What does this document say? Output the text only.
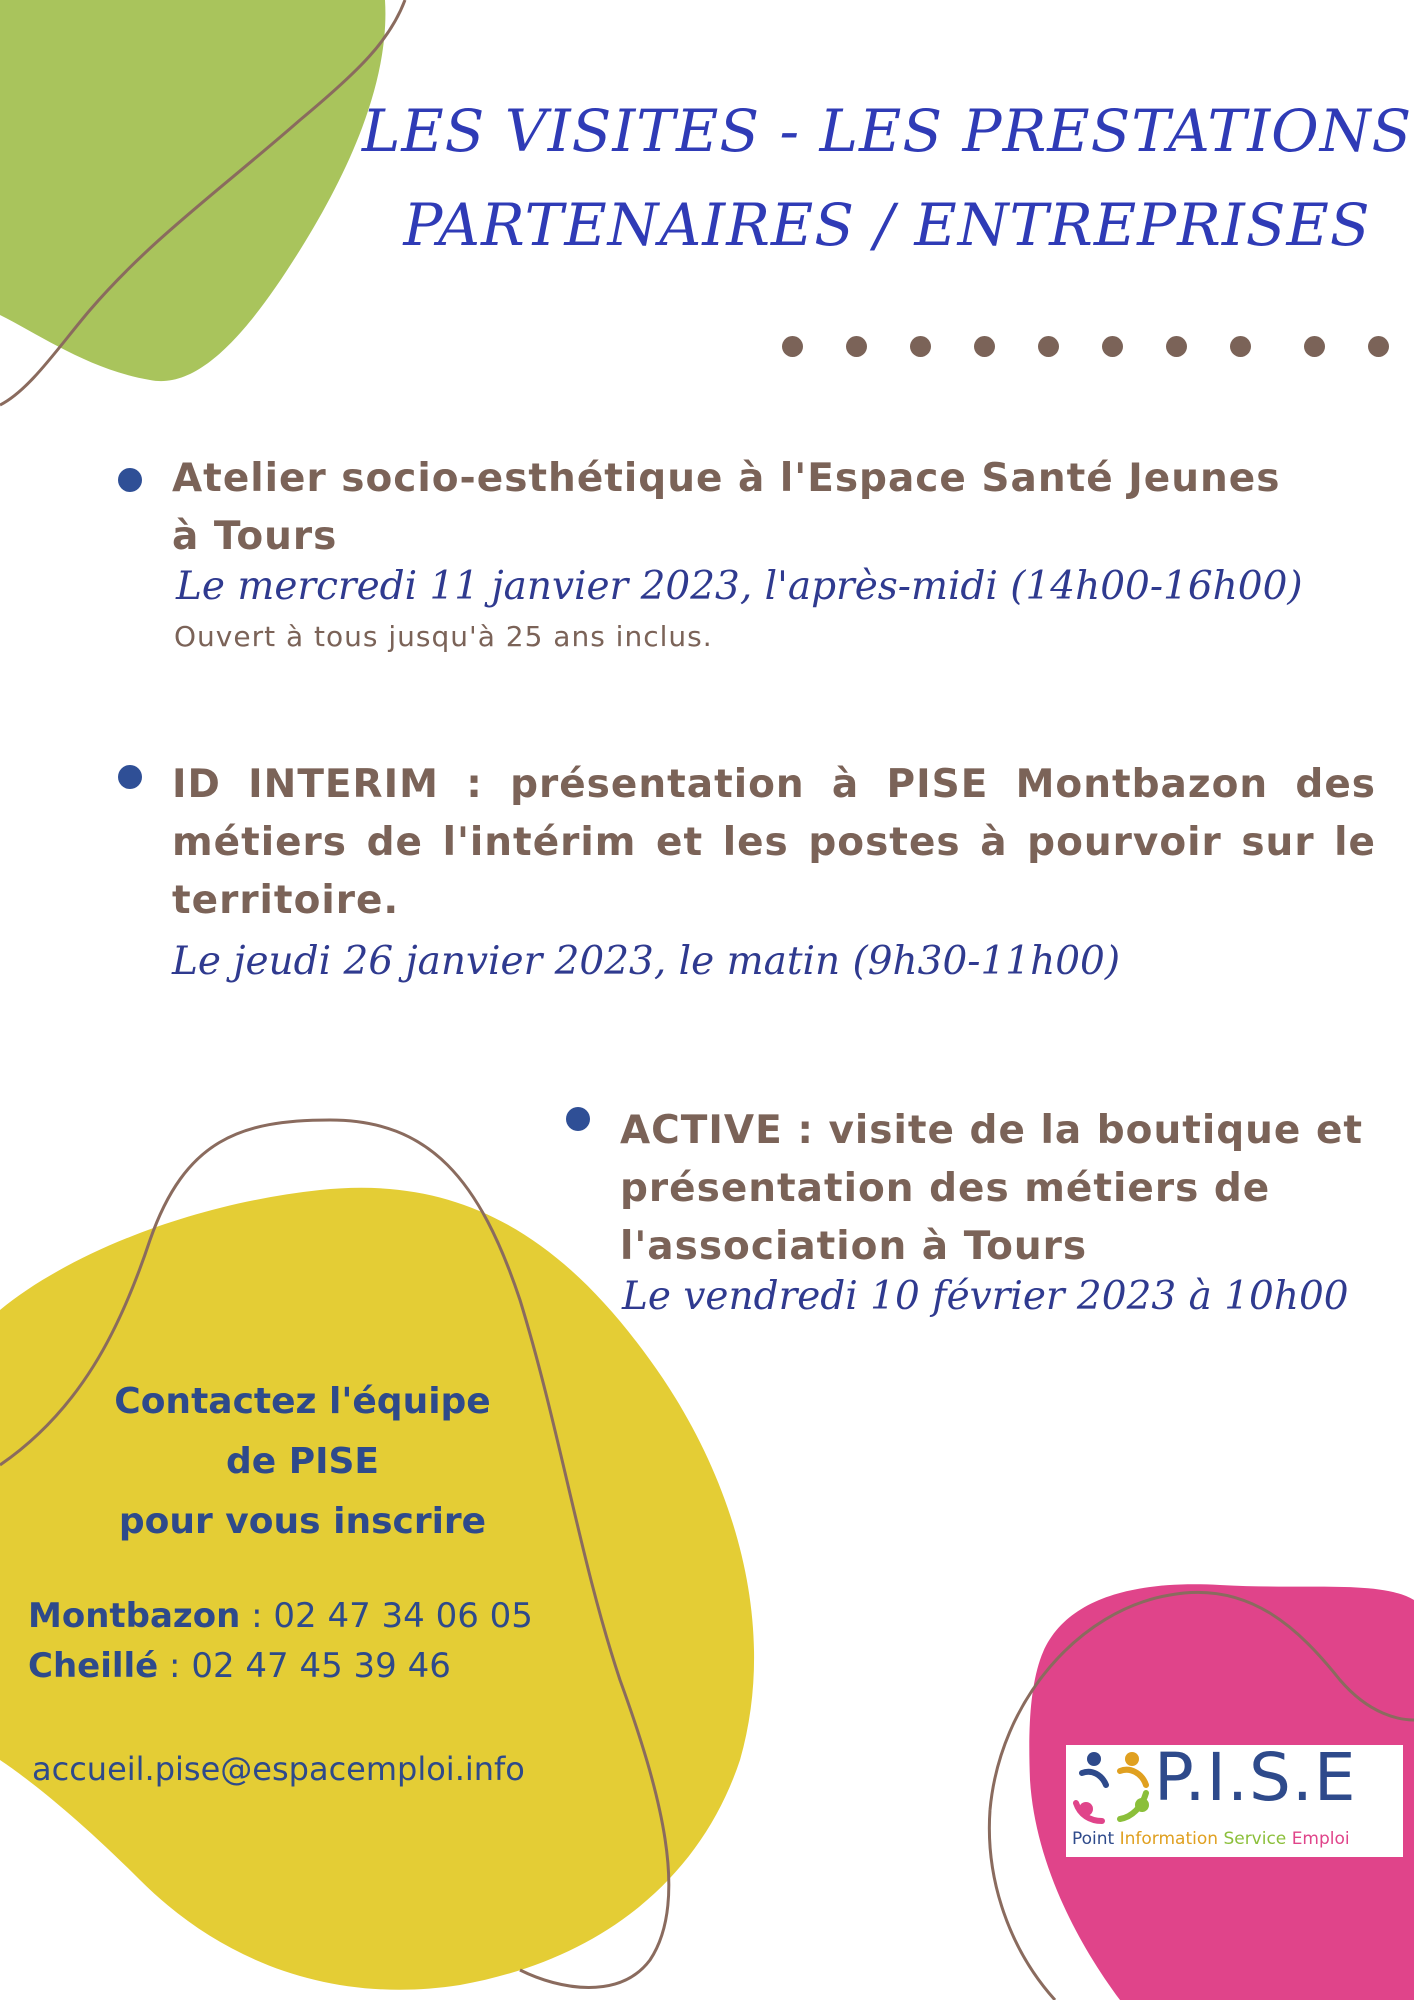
LES VISITES - LES PRESTATIONS
PARTENAIRES / ENTREPRISES
Atelier socio-esthétique à l'Espace Santé Jeunes
à Tours
Le mercredi 11 janvier 2023, l'après-midi (14h00-16h00)
Ouvert à tous jusqu'à 25 ans inclus.
ID INTERIM : présentation à PISE Montbazon des
métiers de l'intérim et les postes à pourvoir sur le
territoire.
Le jeudi 26 janvier 2023, le matin (9h30-11h00)
ACTIVE : visite de la boutique et
présentation des métiers de
l'association à Tours
Le vendredi 10 février 2023 à 10h00
Contactez l'équipe
de PISE
pour vous inscrire
Montbazon : 02 47 34 06 05
Cheillé : 02 47 45 39 46
accueil.pise@espacemploi.info	P.I.S.E
Point Information Service Emploi
